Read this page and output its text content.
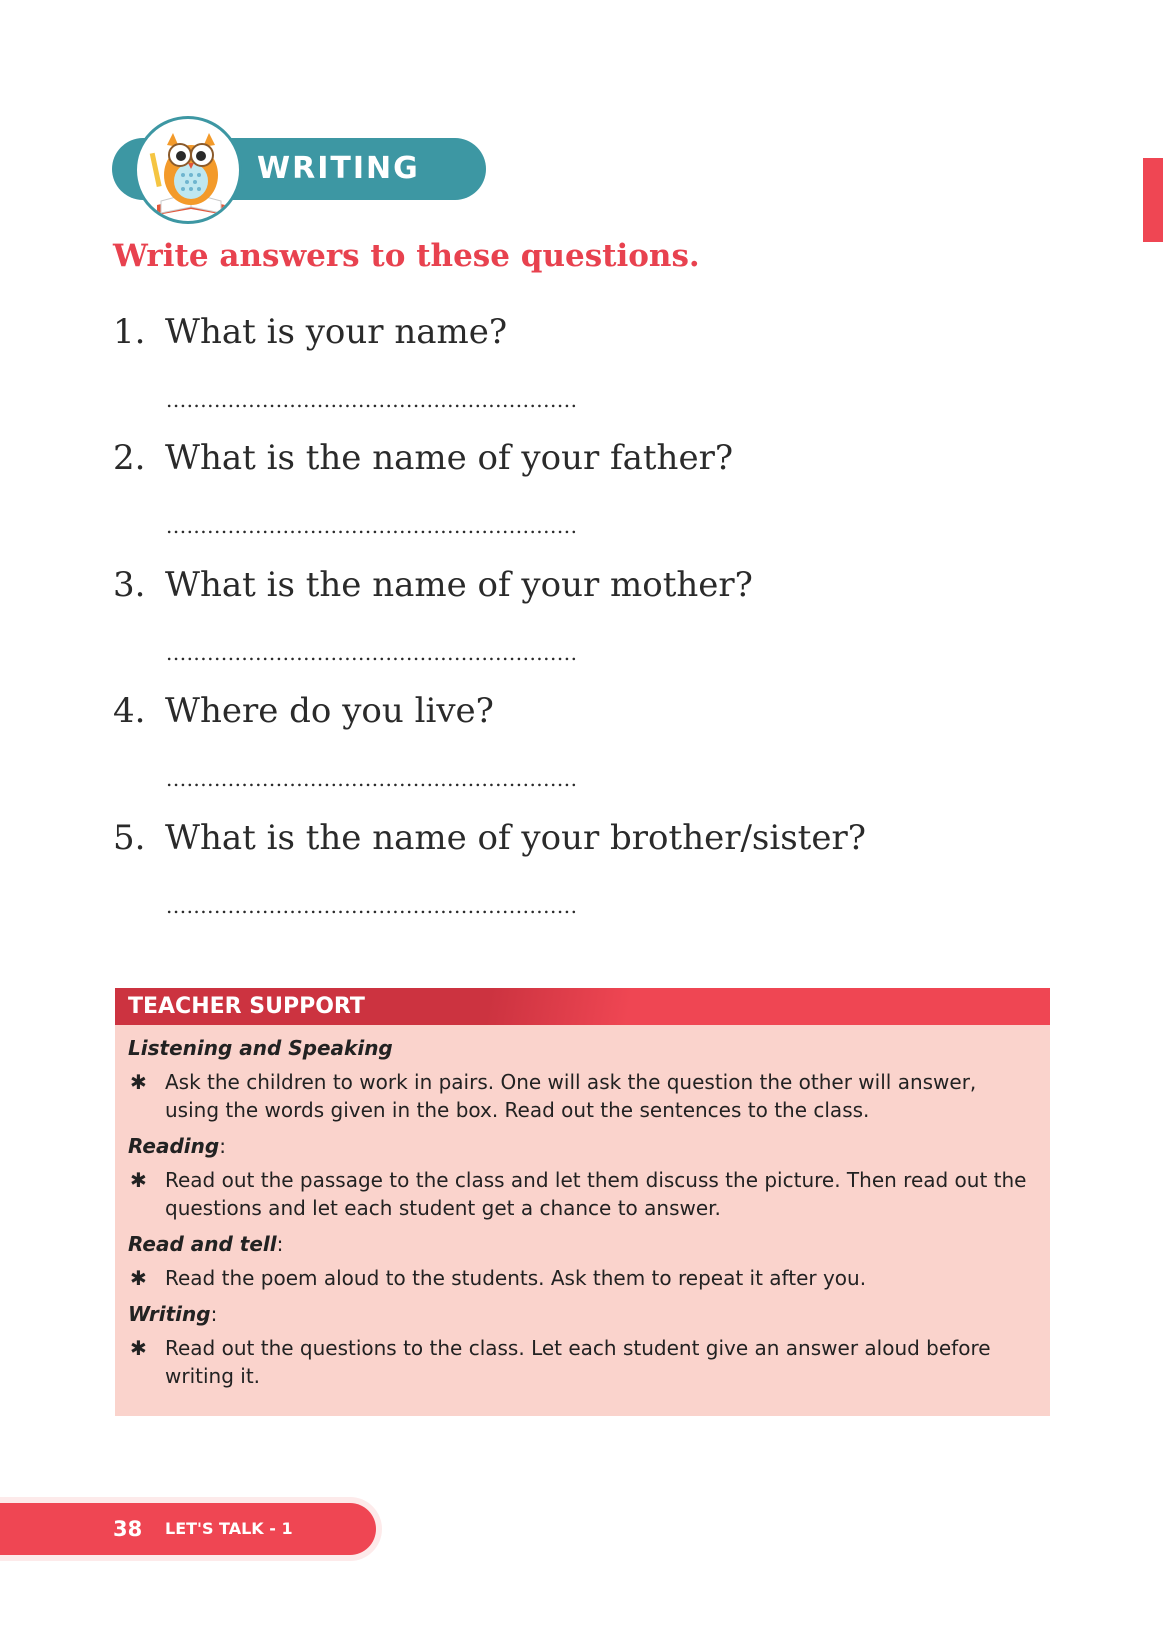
WRITING
Write answers to these questions.
1. What is your name?
............................................................
2. What is the name of your father?
............................................................
3. What is the name of your mother?
............................................................
4. Where do you live?
............................................................
5. What is the name of your brother/sister?
............................................................
TEACHER SUPPORT

Listening and Speaking

✱ Ask the children to work in pairs. One will ask the question the other will answer, using the words given in the box. Read out the sentences to the class.

Reading:

✱ Read out the passage to the class and let them discuss the picture. Then read out the questions and let each student get a chance to answer.

Read and tell:

✱ Read the poem aloud to the students. Ask them to repeat it after you.

Writing:

✱ Read out the questions to the class. Let each student give an answer aloud before writing it.
38 LET'S TALK - 1
